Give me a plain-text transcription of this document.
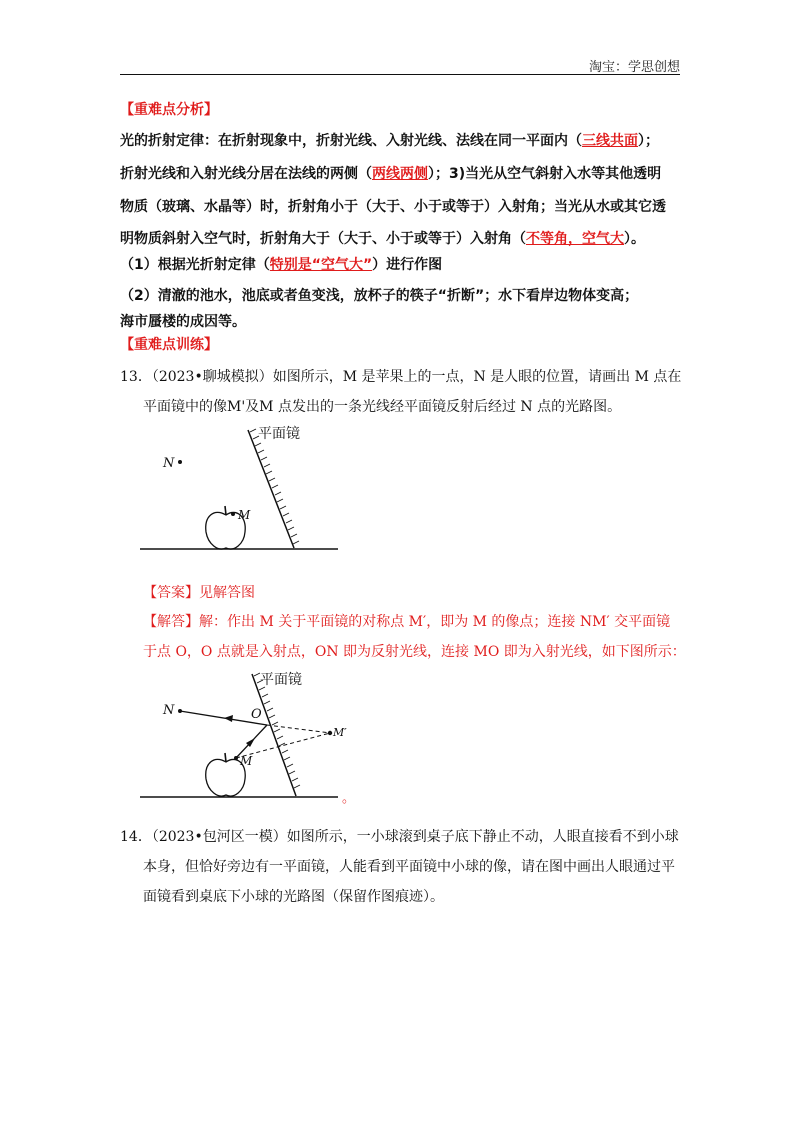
淘宝：学思创想
【重难点分析】
光的折射定律：在折射现象中，折射光线、入射光线、法线在同一平面内（三线共面）；
折射光线和入射光线分居在法线的两侧（两线两侧）；3)当光从空气斜射入水等其他透明
物质（玻璃、水晶等）时，折射角小于（大于、小于或等于）入射角；当光从水或其它透
明物质斜射入空气时，折射角大于（大于、小于或等于）入射角（不等角，空气大）。
（1）根据光折射定律（特别是“空气大”）进行作图
（2）清澈的池水，池底或者鱼变浅，放杯子的筷子“折断”；水下看岸边物体变高；
海市蜃楼的成因等。
【重难点训练】
13．（2023•聊城模拟）如图所示，M 是苹果上的一点，N 是人眼的位置，请画出 M 点在
平面镜中的像M'及M 点发出的一条光线经平面镜反射后经过 N 点的光路图。
平面镜
N
M
【答案】见解答图
【解答】解：作出 M 关于平面镜的对称点 M′，即为 M 的像点；连接 NM′ 交平面镜
于点 O，O 点就是入射点，ON 即为反射光线，连接 MO 即为入射光线，如下图所示：
平面镜
N	O
M′
M
。
14．（2023•包河区一模）如图所示，一小球滚到桌子底下静止不动，人眼直接看不到小球
本身，但恰好旁边有一平面镜，人能看到平面镜中小球的像，请在图中画出人眼通过平
面镜看到桌底下小球的光路图（保留作图痕迹）。
